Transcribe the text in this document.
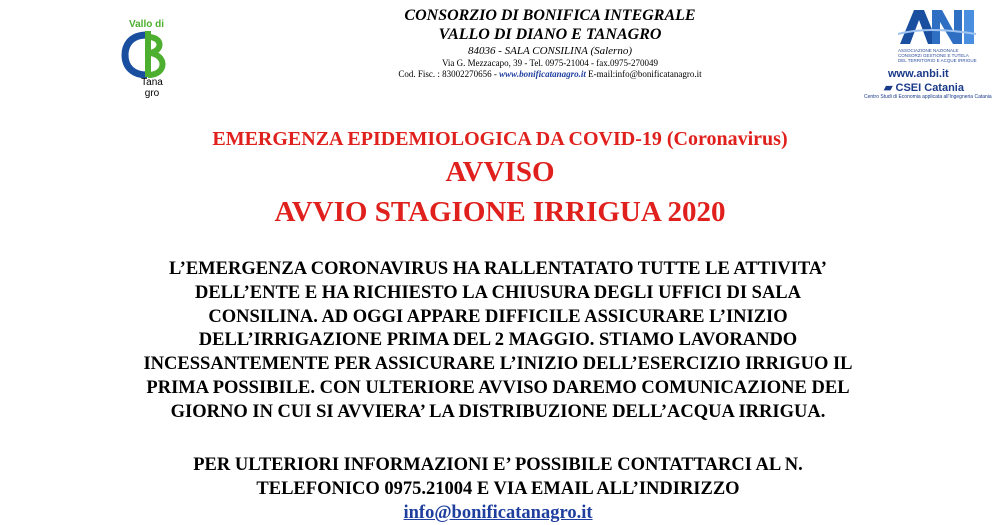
Vallo di
Tana
gro
CONSORZIO DI BONIFICA INTEGRALE
VALLO DI DIANO E TANAGRO
84036 - SALA CONSILINA (Salerno)
Via G. Mezzacapo, 39 - Tel. 0975-21004 - fax.0975-270049
Cod. Fisc. : 83002270656 - www.bonificatanagro.it E-mail:info@bonificatanagro.it
ASSOCIAZIONE NAZIONALE CONSORZI GESTIONE E TUTELA DEL TERRITORIO E ACQUE IRRIGUE
www.anbi.it
▰ CSEI Catania
Centro Studi di Economia applicata all'Ingegneria Catania
EMERGENZA EPIDEMIOLOGICA DA COVID-19 (Coronavirus)
AVVISO
AVVIO STAGIONE IRRIGUA 2020
L’EMERGENZA CORONAVIRUS HA RALLENTATATO TUTTE LE ATTIVITA’
DELL’ENTE E HA RICHIESTO LA CHIUSURA DEGLI UFFICI DI SALA
CONSILINA. AD OGGI APPARE DIFFICILE ASSICURARE L’INIZIO
DELL’IRRIGAZIONE PRIMA DEL 2 MAGGIO. STIAMO LAVORANDO
INCESSANTEMENTE PER ASSICURARE L’INIZIO DELL’ESERCIZIO IRRIGUO IL
PRIMA POSSIBILE. CON ULTERIORE AVVISO DAREMO COMUNICAZIONE DEL
GIORNO IN CUI SI AVVIERA’ LA DISTRIBUZIONE DELL’ACQUA IRRIGUA.
PER ULTERIORI INFORMAZIONI E’ POSSIBILE CONTATTARCI AL N.
TELEFONICO 0975.21004 E VIA EMAIL ALL’INDIRIZZO
info@bonificatanagro.it
